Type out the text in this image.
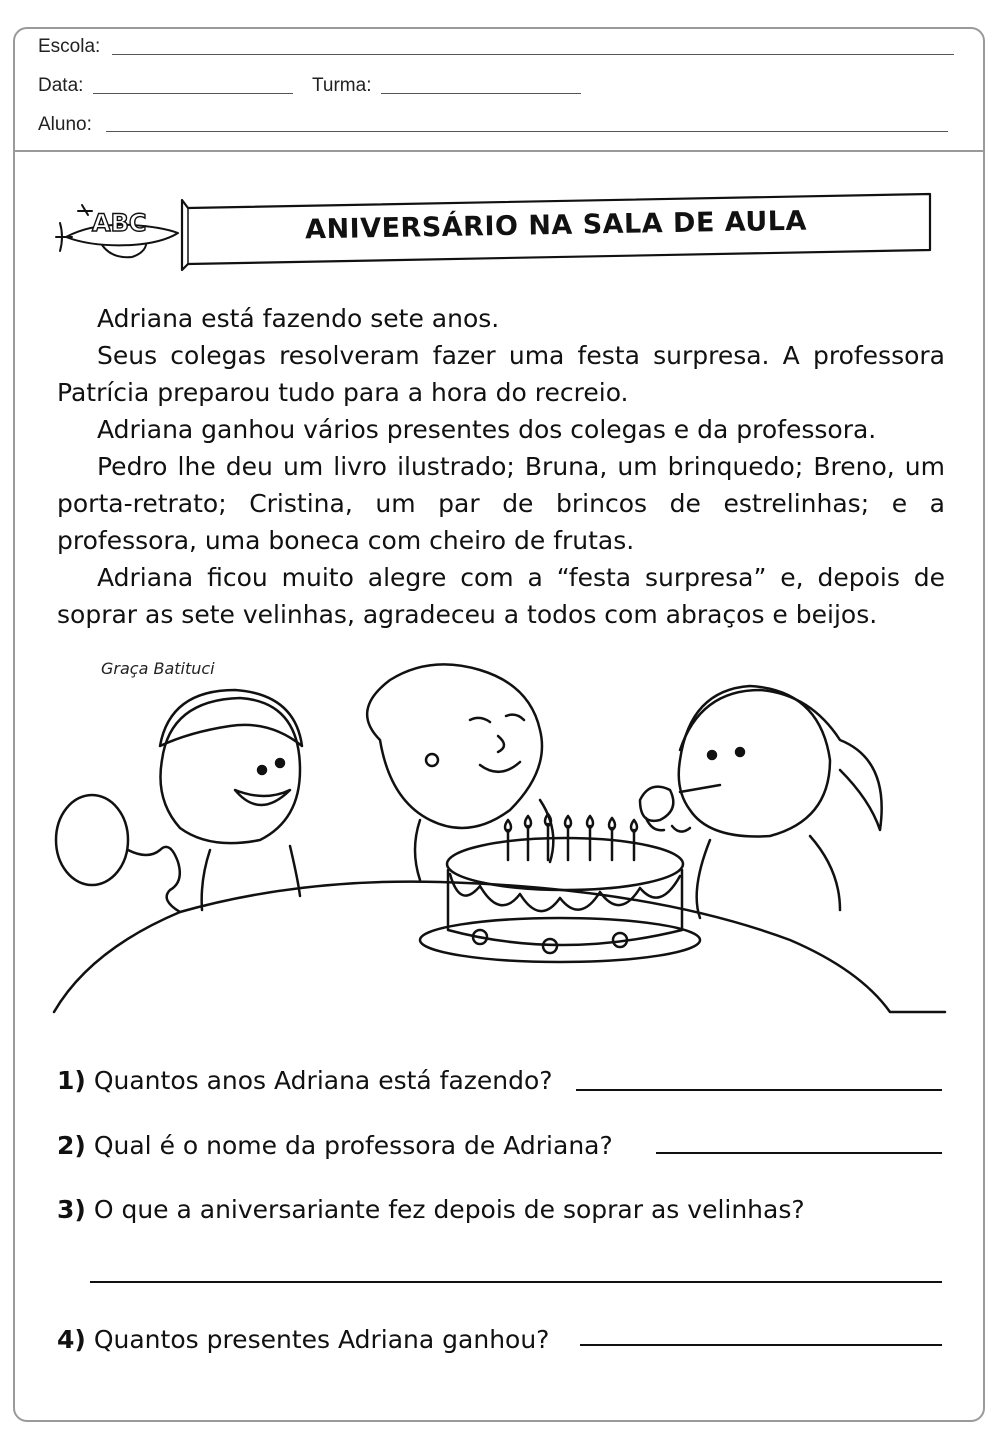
Escola:
Data:	Turma:
Aluno:
ABC	ANIVERSÁRIO NA SALA DE AULA

Adriana está fazendo sete anos.

Seus colegas resolveram fazer uma festa surpresa. A professora Patrícia preparou tudo para a hora do recreio.

Adriana ganhou vários presentes dos colegas e da professora.

Pedro lhe deu um livro ilustrado; Bruna, um brinquedo; Breno, um porta-retrato; Cristina, um par de brincos de estrelinhas; e a professora, uma boneca com cheiro de frutas.

Adriana ficou muito alegre com a “festa surpresa” e, depois de soprar as sete velinhas, agradeceu a todos com abraços e beijos.

Graça Batituci
1) Quantos anos Adriana está fazendo?
2) Qual é o nome da professora de Adriana?
3) O que a aniversariante fez depois de soprar as velinhas?
4) Quantos presentes Adriana ganhou?
